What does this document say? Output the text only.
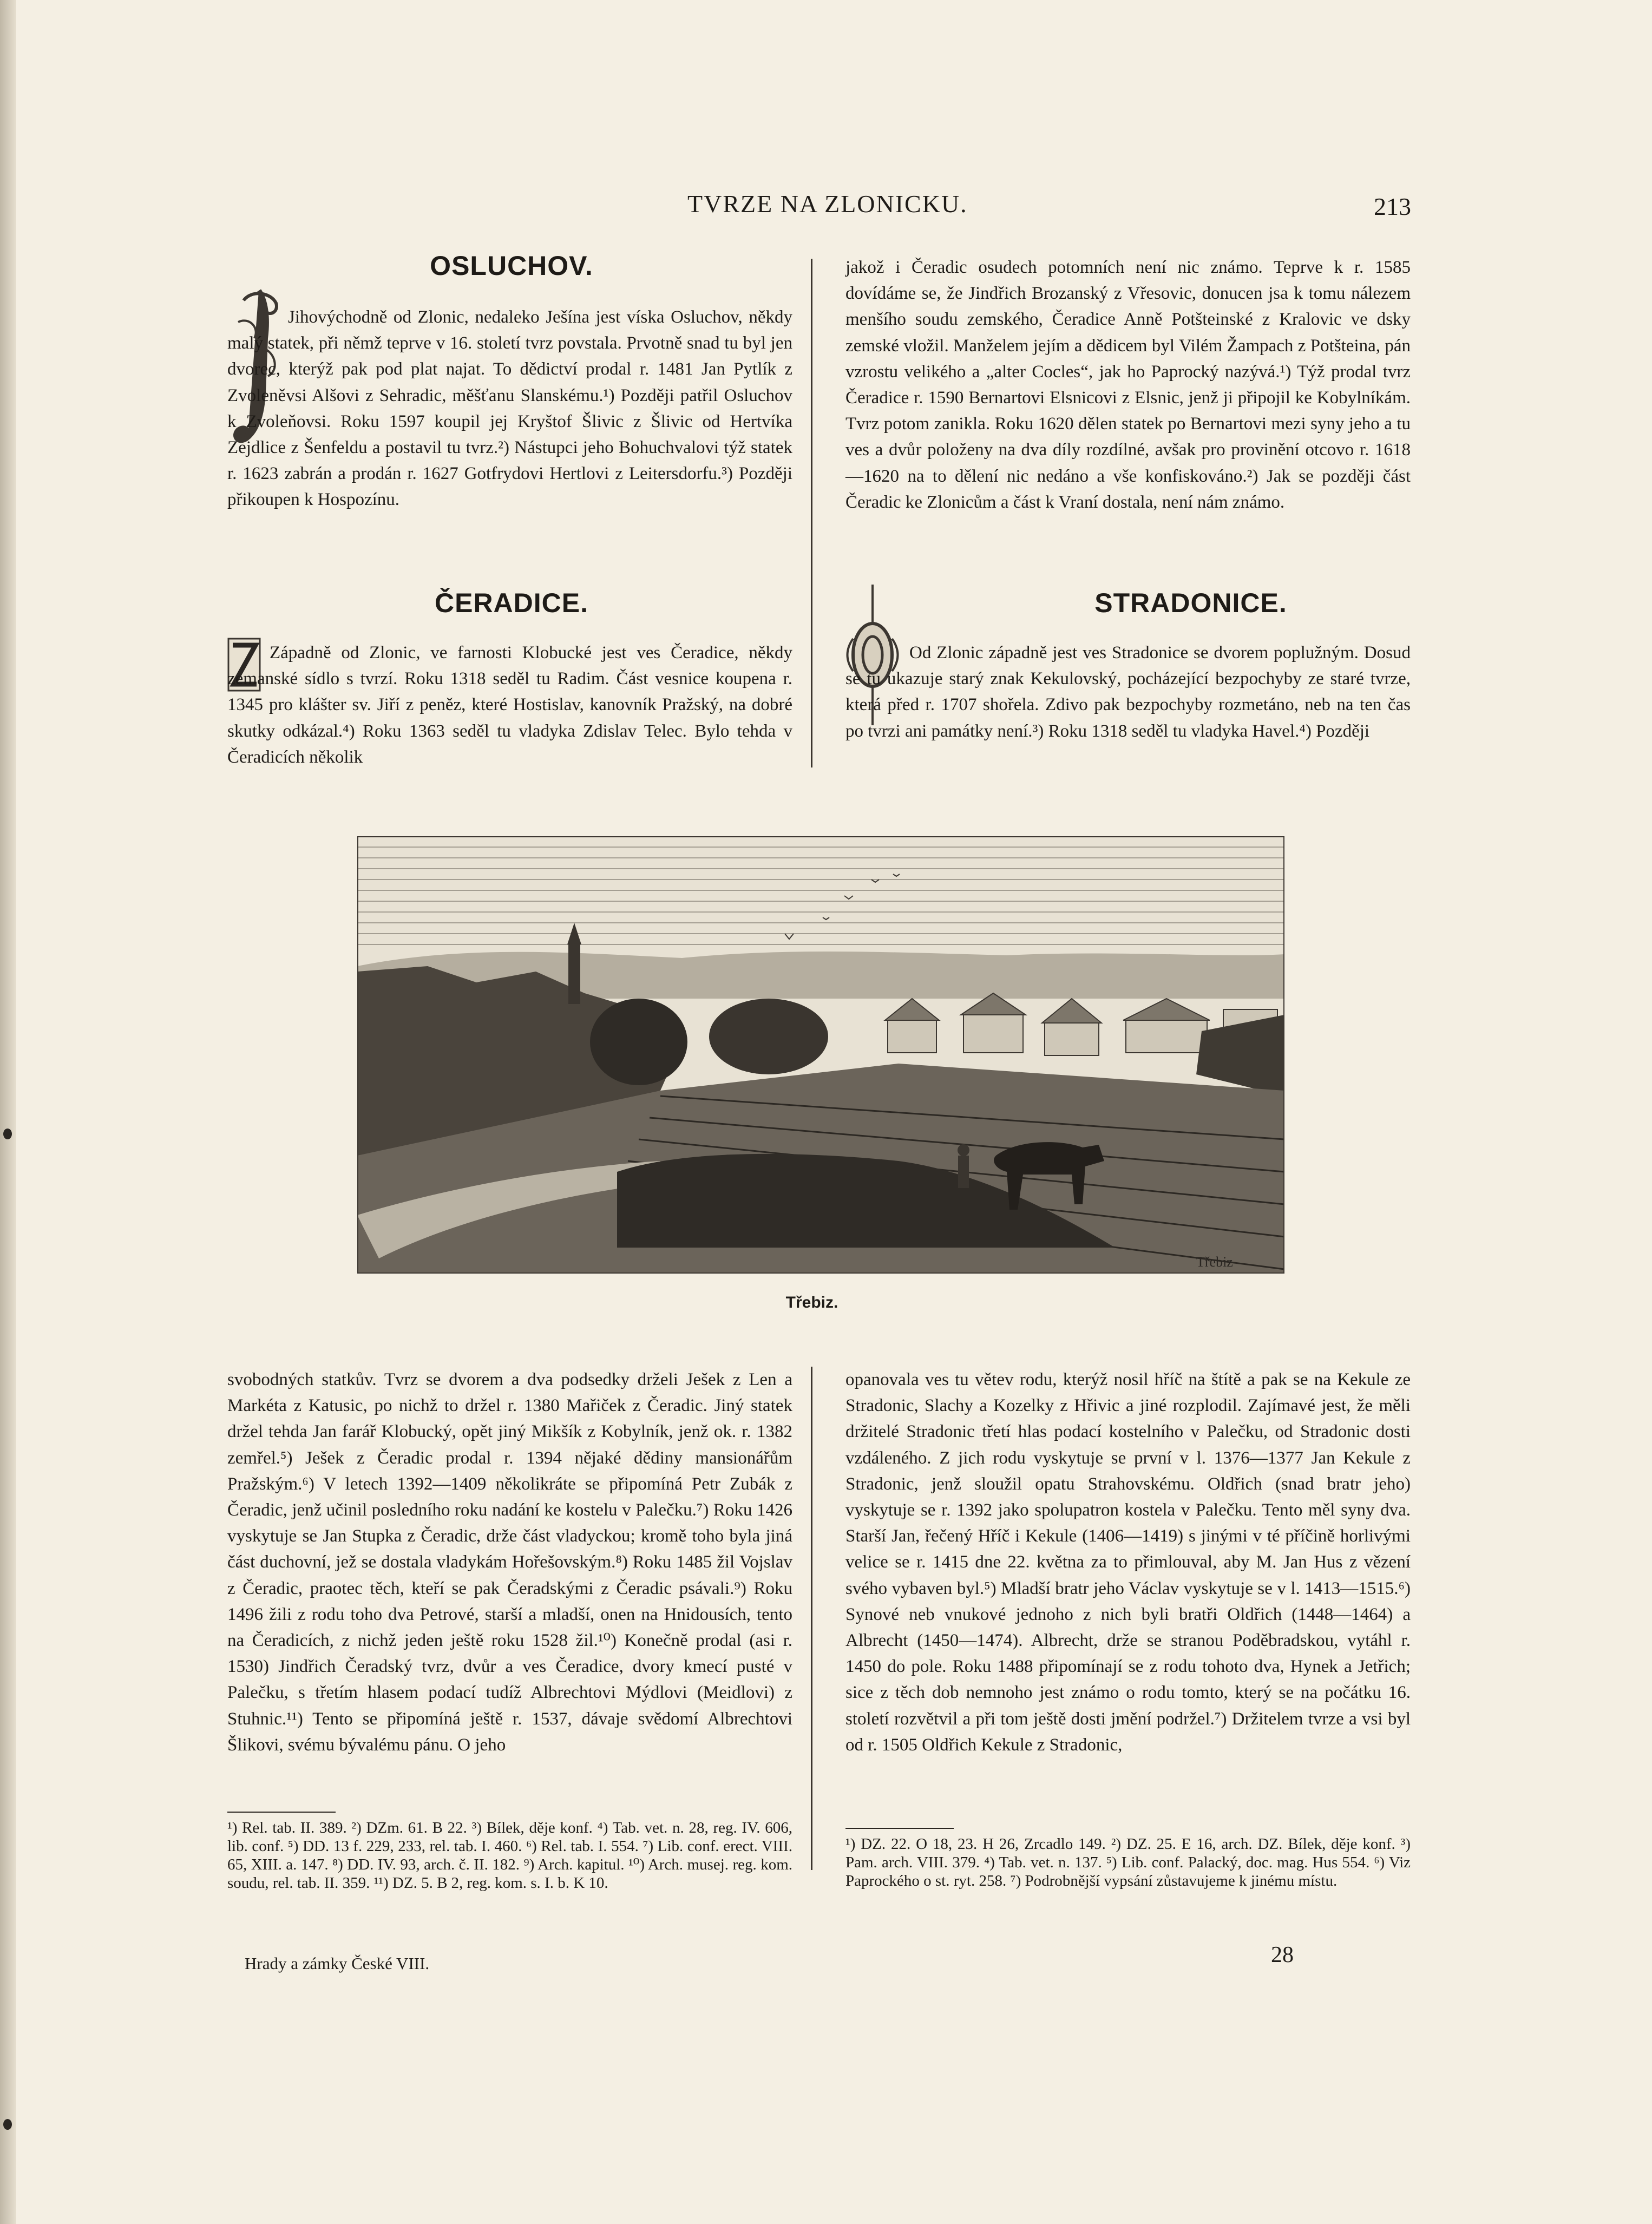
TVRZE NA ZLONICKU.	213
OSLUCHOV.

Jihovýchodně od Zlonic, nedaleko Ješína jest víska Osluchov, někdy malý statek, při němž teprve v 16. století tvrz povstala. Prvotně snad tu byl jen dvorec, kterýž pak pod plat najat. To dědictví prodal r. 1481 Jan Pytlík z Zvoleněvsi Alšovi z Sehradic, měšťanu Slanskému.¹) Později patřil Osluchov k Zvoleňovsi. Roku 1597 koupil jej Kryštof Šlivic z Šlivic od Hertvíka Zejdlice z Šenfeldu a postavil tu tvrz.²) Nástupci jeho Bohuchvalovi týž statek r. 1623 zabrán a prodán r. 1627 Gotfrydovi Hertlovi z Leitersdorfu.³) Později přikoupen k Hospozínu.

ČERADICE.

Západně od Zlonic, ve farnosti Klobucké jest ves Čeradice, někdy zemanské sídlo s tvrzí. Roku 1318 seděl tu Radim. Část vesnice koupena r. 1345 pro klášter sv. Jiří z peněz, které Hostislav, kanovník Pražský, na dobré skutky odkázal.⁴) Roku 1363 seděl tu vladyka Zdislav Telec. Bylo tehda v Čeradicích několik

jakož i Čeradic osudech potomních není nic známo. Teprve k r. 1585 dovídáme se, že Jindřich Brozanský z Vřesovic, donucen jsa k tomu nálezem menšího soudu zemského, Čeradice Anně Potšteinské z Kralovic ve dsky zemské vložil. Manželem jejím a dědicem byl Vilém Žampach z Potšteina, pán vzrostu velikého a „alter Cocles“, jak ho Paprocký nazývá.¹) Týž prodal tvrz Čeradice r. 1590 Bernartovi Elsnicovi z Elsnic, jenž ji připojil ke Kobylníkám. Tvrz potom zanikla. Roku 1620 dělen statek po Bernartovi mezi syny jeho a tu ves a dvůr položeny na dva díly rozdílné, avšak pro provinění otcovo r. 1618—1620 na to dělení nic nedáno a vše konfiskováno.²) Jak se později část Čeradic ke Zlonicům a část k Vraní dostala, není nám známo.

STRADONICE.

Od Zlonic západně jest ves Stradonice se dvorem poplužným. Dosud se tu ukazuje starý znak Kekulovský, pocházející bezpochyby ze staré tvrze, která před r. 1707 shořela. Zdivo pak bezpochyby rozmetáno, neb na ten čas po tvrzi ani památky není.³) Roku 1318 seděl tu vladyka Havel.⁴) Později

Třebiz
Třebiz.

svobodných statkův. Tvrz se dvorem a dva podsedky drželi Ješek z Len a Markéta z Katusic, po nichž to držel r. 1380 Mařiček z Čeradic. Jiný statek držel tehda Jan farář Klobucký, opět jiný Mikšík z Kobylník, jenž ok. r. 1382 zemřel.⁵) Ješek z Čeradic prodal r. 1394 nějaké dědiny mansionářům Pražským.⁶) V letech 1392—1409 několikráte se připomíná Petr Zubák z Čeradic, jenž učinil posledního roku nadání ke kostelu v Palečku.⁷) Roku 1426 vyskytuje se Jan Stupka z Čeradic, drže část vladyckou; kromě toho byla jiná část duchovní, jež se dostala vladykám Hořešovským.⁸) Roku 1485 žil Vojslav z Čeradic, praotec těch, kteří se pak Čeradskými z Čeradic psávali.⁹) Roku 1496 žili z rodu toho dva Petrové, starší a mladší, onen na Hnidousích, tento na Čeradicích, z nichž jeden ještě roku 1528 žil.¹⁰) Konečně prodal (asi r. 1530) Jindřich Čeradský tvrz, dvůr a ves Čeradice, dvory kmecí pusté v Palečku, s třetím hlasem podací tudíž Albrechtovi Mýdlovi (Meidlovi) z Stuhnic.¹¹) Tento se připomíná ještě r. 1537, dávaje svědomí Albrechtovi Šlikovi, svému bývalému pánu. O jeho

¹) Rel. tab. II. 389. ²) DZm. 61. B 22. ³) Bílek, děje konf. ⁴) Tab. vet. n. 28, reg. IV. 606, lib. conf. ⁵) DD. 13 f. 229, 233, rel. tab. I. 460. ⁶) Rel. tab. I. 554. ⁷) Lib. conf. erect. VIII. 65, XIII. a. 147. ⁸) DD. IV. 93, arch. č. II. 182. ⁹) Arch. kapitul. ¹⁰) Arch. musej. reg. kom. soudu, rel. tab. II. 359. ¹¹) DZ. 5. B 2, reg. kom. s. I. b. K 10.
Hrady a zámky České VIII.

opanovala ves tu větev rodu, kterýž nosil hříč na štítě a pak se na Kekule ze Stradonic, Slachy a Kozelky z Hřivic a jiné rozplodil. Zajímavé jest, že měli držitelé Stradonic třetí hlas podací kostelního v Palečku, od Stradonic dosti vzdáleného. Z jich rodu vyskytuje se první v l. 1376—1377 Jan Kekule z Stradonic, jenž sloužil opatu Strahovskému. Oldřich (snad bratr jeho) vyskytuje se r. 1392 jako spolupatron kostela v Palečku. Tento měl syny dva. Starší Jan, řečený Hříč i Kekule (1406—1419) s jinými v té příčině horlivými velice se r. 1415 dne 22. května za to přimlouval, aby M. Jan Hus z vězení svého vybaven byl.⁵) Mladší bratr jeho Václav vyskytuje se v l. 1413—1515.⁶) Synové neb vnukové jednoho z nich byli bratři Oldřich (1448—1464) a Albrecht (1450—1474). Albrecht, drže se stranou Poděbradskou, vytáhl r. 1450 do pole. Roku 1488 připomínají se z rodu tohoto dva, Hynek a Jetřich; sice z těch dob nemnoho jest známo o rodu tomto, který se na počátku 16. století rozvětvil a při tom ještě dosti jmění podržel.⁷) Držitelem tvrze a vsi byl od r. 1505 Oldřich Kekule z Stradonic,

¹) DZ. 22. O 18, 23. H 26, Zrcadlo 149. ²) DZ. 25. E 16, arch. DZ. Bílek, děje konf. ³) Pam. arch. VIII. 379. ⁴) Tab. vet. n. 137. ⁵) Lib. conf. Palacký, doc. mag. Hus 554. ⁶) Viz Paprockého o st. ryt. 258. ⁷) Podrobnější vypsání zůstavujeme k jinému místu.
28
